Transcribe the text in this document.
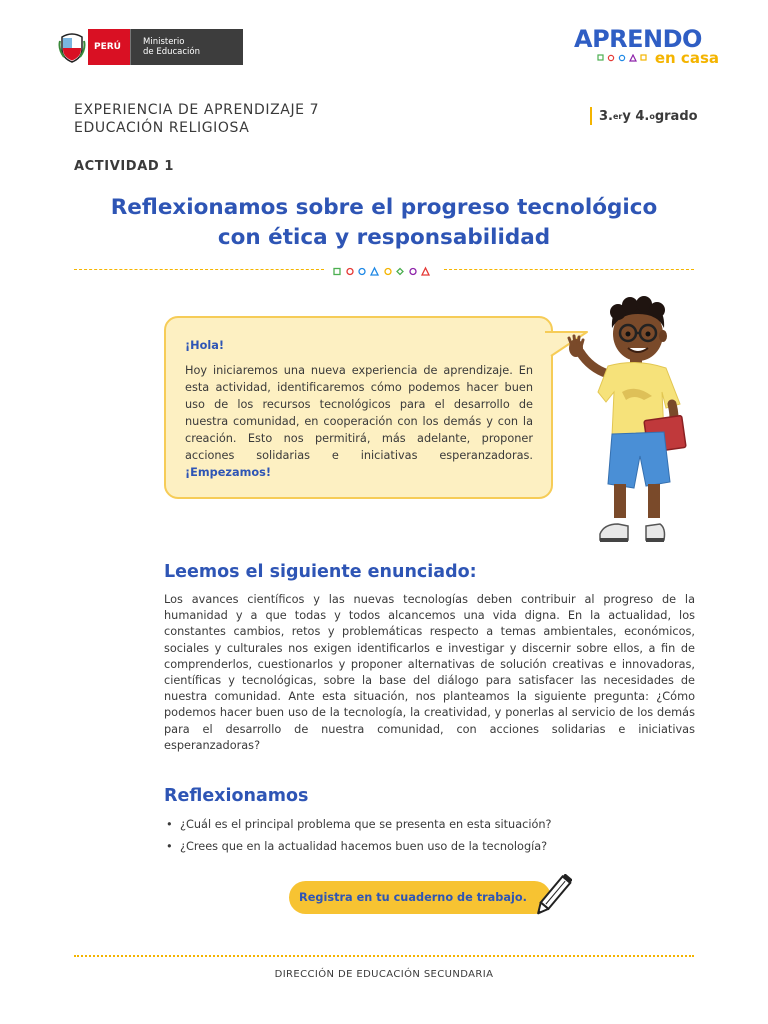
PERÚ	Ministerio
de Educación	APRENDO
en casa
EXPERIENCIA DE APRENDIZAJE 7
EDUCACIÓN RELIGIOSA
3. er y 4. o grado
ACTIVIDAD 1
Reflexionamos sobre el progreso tecnológico
con ética y responsabilidad
¡Hola!
Hoy iniciaremos una nueva experiencia de aprendizaje. En esta actividad, identificaremos cómo podemos hacer buen uso de los recursos tecnológicos para el desarrollo de nuestra comunidad, en cooperación con los demás y con la creación. Esto nos permitirá, más adelante, proponer acciones solidarias e iniciativas esperanzadoras. ¡Empezamos!
Leemos el siguiente enunciado:
Los avances científicos y las nuevas tecnologías deben contribuir al progreso de la humanidad y a que todas y todos alcancemos una vida digna. En la actualidad, los constantes cambios, retos y problemáticas respecto a temas ambientales, económicos, sociales y culturales nos exigen identificarlos e investigar y discernir sobre ellos, a fin de comprenderlos, cuestionarlos y proponer alternativas de solución creativas e innovadoras, científicas y tecnológicas, sobre la base del diálogo para satisfacer las necesidades de nuestra comunidad. Ante esta situación, nos planteamos la siguiente pregunta: ¿Cómo podemos hacer buen uso de la tecnología, la creatividad, y ponerlas al servicio de los demás para el desarrollo de nuestra comunidad, con acciones solidarias e iniciativas esperanzadoras?
Reflexionamos
• ¿Cuál es el principal problema que se presenta en esta situación?
• ¿Crees que en la actualidad hacemos buen uso de la tecnología?
Registra en tu cuaderno de trabajo.
DIRECCIÓN DE EDUCACIÓN SECUNDARIA
